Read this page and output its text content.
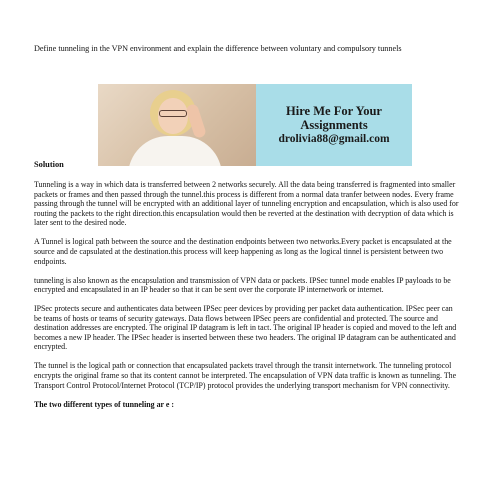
Define tunneling in the VPN environment and explain the difference between voluntary and compulsory tunnels
Hire Me For Your
Assignments
drolivia88@gmail.com
Solution

Tunneling is a way in which data is transferred between 2 networks securely. All the data being transferred is fragmented into smaller packets or frames and then passed through the tunnel.this process is different from a normal data tranfer between nodes. Every frame passing through the tunnel will be encrypted with an additional layer of tunneling encryption and encapsulation, which is also used for routing the packets to the right direction.this encapsulation would then be reverted at the destination with decryption of data which is later sent to the desired node.

A Tunnel is logical path between the source and the destination endpoints between two networks.Every packet is encapsulated at the source and de capsulated at the destination.this process will keep happening as long as the logical tinnel is persistent between two endpoints.

tunneling is also known as the encapsulation and transmission of VPN data or packets. IPSec tunnel mode enables IP payloads to be encrypted and encapsulated in an IP header so that it can be sent over the corporate IP internetwork or internet.

IPSec protects secure and authenticates data between IPSec peer devices by providing per packet data authentication. IPSec peer can be teams of hosts or teams of security gateways. Data flows between IPSec peers are confidential and protected. The source and destination addresses are encrypted. The original IP datagram is left in tact. The original IP header is copied and moved to the left and becomes a new IP header. The IPSec header is inserted between these two headers. The original IP datagram can be authenticated and encrypted.

The tunnel is the logical path or connection that encapsulated packets travel through the transit internetwork. The tunneling protocol encrypts the original frame so that its content cannot be interpreted. The encapsulation of VPN data traffic is known as tunneling. The Transport Control Protocol/Internet Protocol (TCP/IP) protocol provides the underlying transport mechanism for VPN connectivity.

The two different types of tunneling ar e :
